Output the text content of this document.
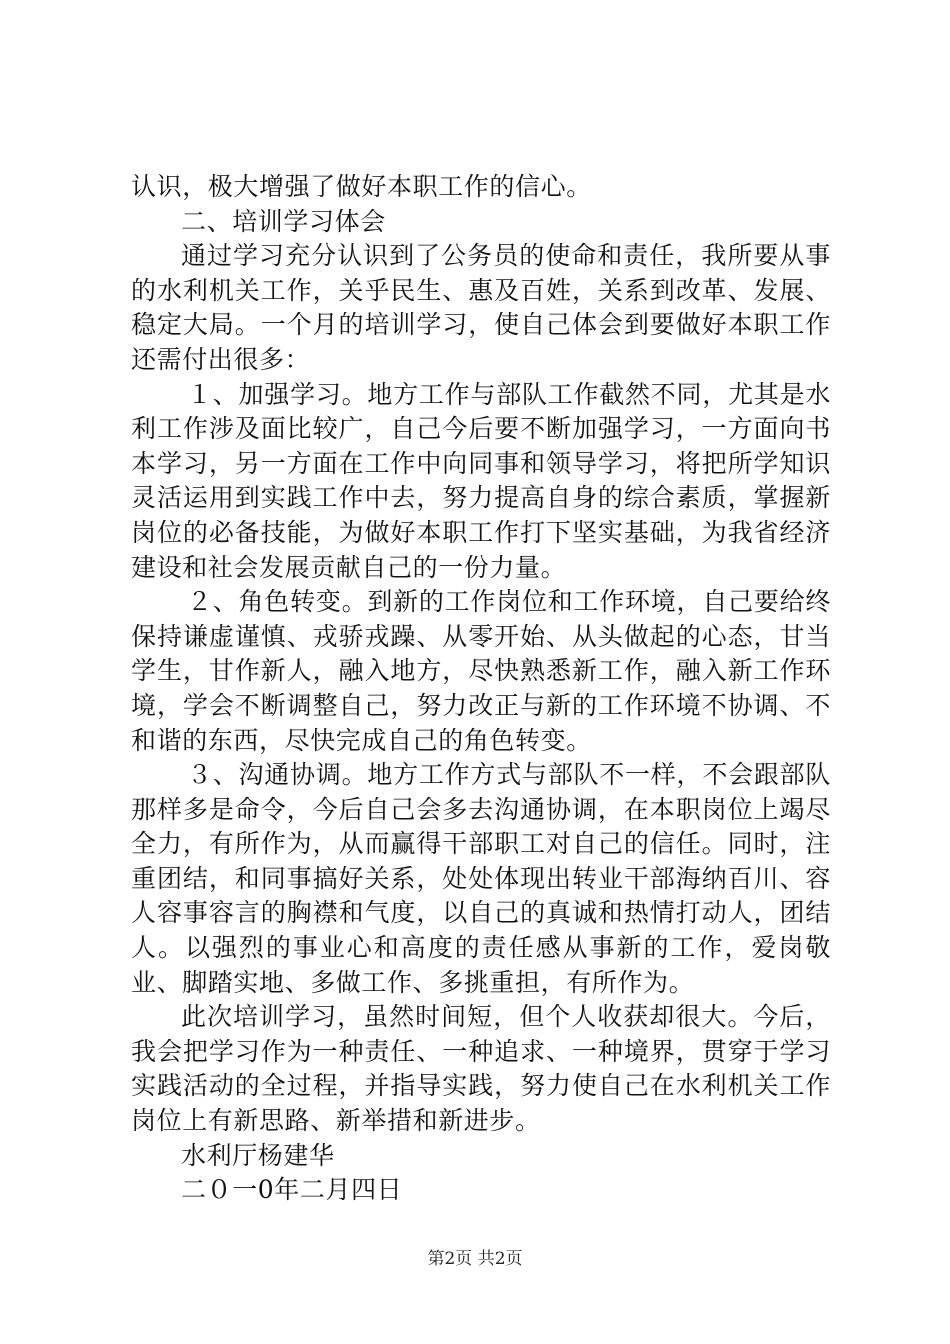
认识，极大增强了做好本职工作的信心。

二、培训学习体会

通过学习充分认识到了公务员的使命和责任，我所要从事的水利机关工作，关乎民生、惠及百姓，关系到改革、发展、稳定大局。一个月的培训学习，使自己体会到要做好本职工作还需付出很多：

１、加强学习。地方工作与部队工作截然不同，尤其是水利工作涉及面比较广，自己今后要不断加强学习，一方面向书本学习，另一方面在工作中向同事和领导学习，将把所学知识灵活运用到实践工作中去，努力提高自身的综合素质，掌握新岗位的必备技能，为做好本职工作打下坚实基础，为我省经济建设和社会发展贡献自己的一份力量。

２、角色转变。到新的工作岗位和工作环境，自己要给终保持谦虚谨慎、戎骄戎躁、从零开始、从头做起的心态，甘当学生，甘作新人，融入地方，尽快熟悉新工作，融入新工作环境，学会不断调整自己，努力改正与新的工作环境不协调、不和谐的东西，尽快完成自己的角色转变。

３、沟通协调。地方工作方式与部队不一样，不会跟部队那样多是命令，今后自己会多去沟通协调，在本职岗位上竭尽全力，有所作为，从而赢得干部职工对自己的信任。同时，注重团结，和同事搞好关系，处处体现出转业干部海纳百川、容人容事容言的胸襟和气度，以自己的真诚和热情打动人，团结人。以强烈的事业心和高度的责任感从事新的工作，爱岗敬业、脚踏实地、多做工作、多挑重担，有所作为。

此次培训学习，虽然时间短，但个人收获却很大。今后，我会把学习作为一种责任、一种追求、一种境界，贯穿于学习实践活动的全过程，并指导实践，努力使自己在水利机关工作岗位上有新思路、新举措和新进步。

水利厅杨建华

二０一0年二月四日

第2页 共2页
